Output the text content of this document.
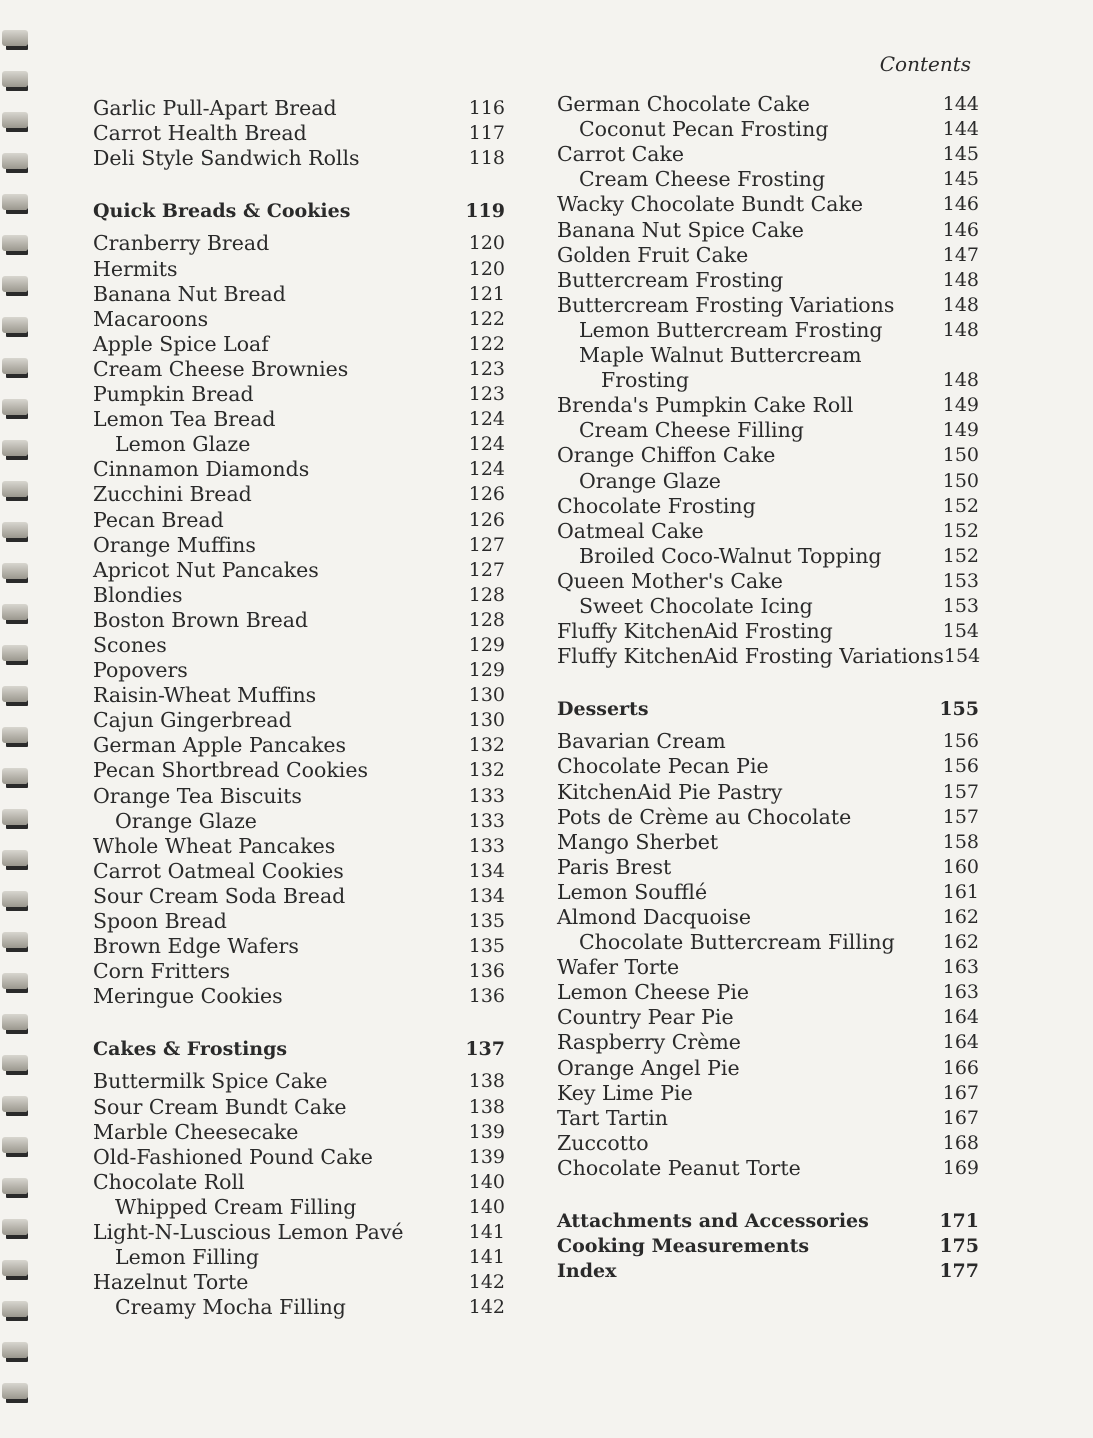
Contents
Garlic Pull-Apart Bread	116
Carrot Health Bread	117
Deli Style Sandwich Rolls	118
Quick Breads & Cookies	119
Cranberry Bread	120
Hermits	120
Banana Nut Bread	121
Macaroons	122
Apple Spice Loaf	122
Cream Cheese Brownies	123
Pumpkin Bread	123
Lemon Tea Bread	124
Lemon Glaze	124
Cinnamon Diamonds	124
Zucchini Bread	126
Pecan Bread	126
Orange Muffins	127
Apricot Nut Pancakes	127
Blondies	128
Boston Brown Bread	128
Scones	129
Popovers	129
Raisin-Wheat Muffins	130
Cajun Gingerbread	130
German Apple Pancakes	132
Pecan Shortbread Cookies	132
Orange Tea Biscuits	133
Orange Glaze	133
Whole Wheat Pancakes	133
Carrot Oatmeal Cookies	134
Sour Cream Soda Bread	134
Spoon Bread	135
Brown Edge Wafers	135
Corn Fritters	136
Meringue Cookies	136
Cakes & Frostings	137
Buttermilk Spice Cake	138
Sour Cream Bundt Cake	138
Marble Cheesecake	139
Old-Fashioned Pound Cake	139
Chocolate Roll	140
Whipped Cream Filling	140
Light-N-Luscious Lemon Pavé	141
Lemon Filling	141
Hazelnut Torte	142
Creamy Mocha Filling	142
German Chocolate Cake	144
Coconut Pecan Frosting	144
Carrot Cake	145
Cream Cheese Frosting	145
Wacky Chocolate Bundt Cake	146
Banana Nut Spice Cake	146
Golden Fruit Cake	147
Buttercream Frosting	148
Buttercream Frosting Variations	148
Lemon Buttercream Frosting	148
Maple Walnut Buttercream
Frosting	148
Brenda's Pumpkin Cake Roll	149
Cream Cheese Filling	149
Orange Chiffon Cake	150
Orange Glaze	150
Chocolate Frosting	152
Oatmeal Cake	152
Broiled Coco-Walnut Topping	152
Queen Mother's Cake	153
Sweet Chocolate Icing	153
Fluffy KitchenAid Frosting	154
Fluffy KitchenAid Frosting Variations 154
Desserts	155
Bavarian Cream	156
Chocolate Pecan Pie	156
KitchenAid Pie Pastry	157
Pots de Crème au Chocolate	157
Mango Sherbet	158
Paris Brest	160
Lemon Soufflé	161
Almond Dacquoise	162
Chocolate Buttercream Filling	162
Wafer Torte	163
Lemon Cheese Pie	163
Country Pear Pie	164
Raspberry Crème	164
Orange Angel Pie	166
Key Lime Pie	167
Tart Tartin	167
Zuccotto	168
Chocolate Peanut Torte	169
Attachments and Accessories	171
Cooking Measurements	175
Index	177
